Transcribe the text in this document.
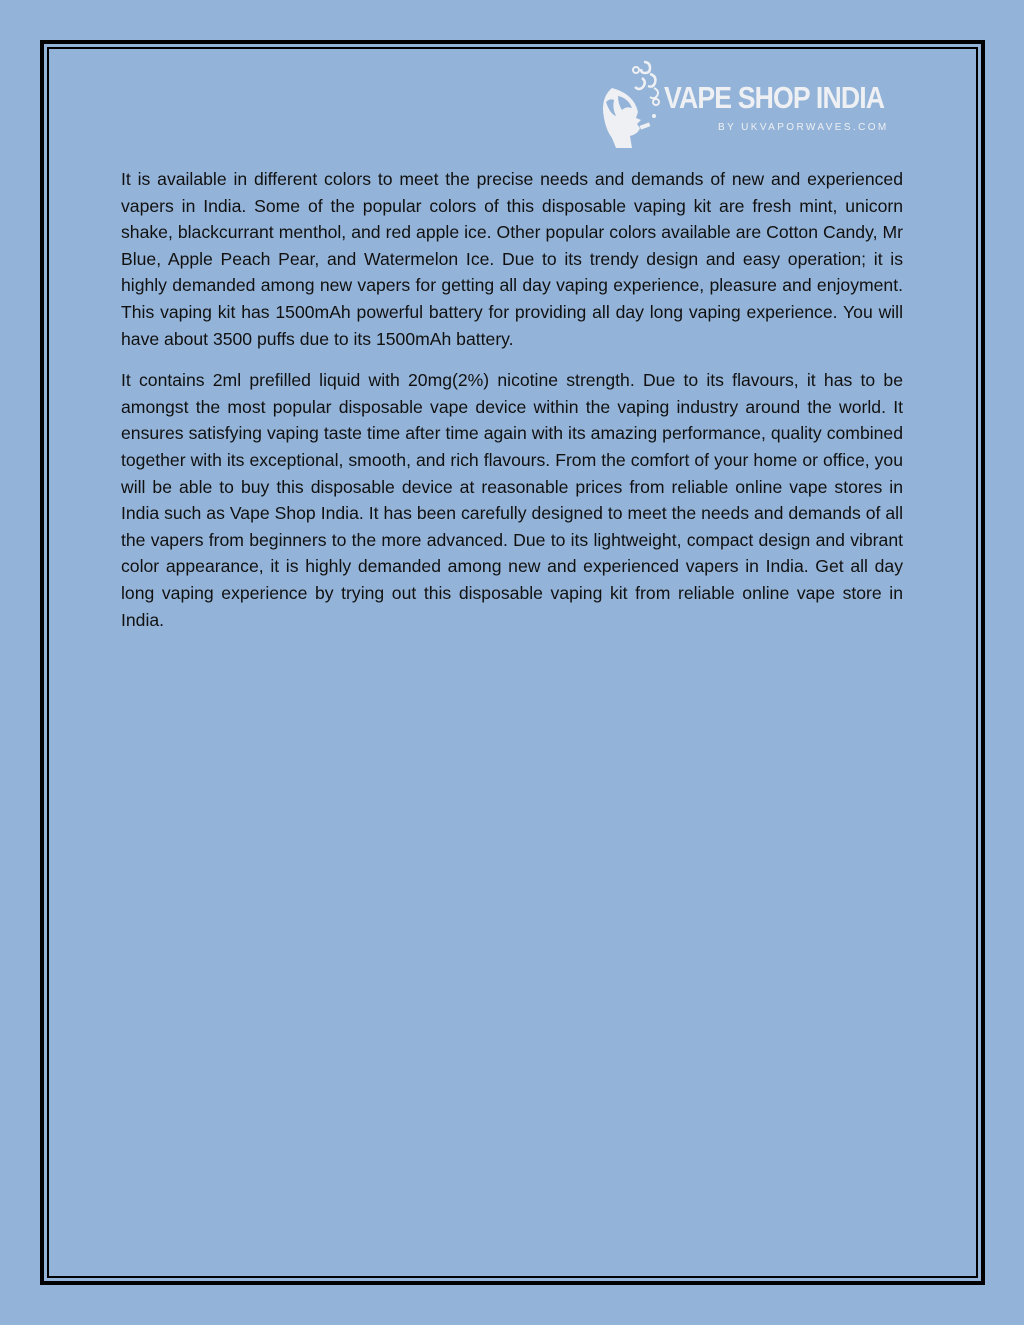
VAPE SHOP INDIA
BY UKVAPORWAVES.COM

It is available in different colors to meet the precise needs and demands of new and experienced vapers in India. Some of the popular colors of this disposable vaping kit are fresh mint, unicorn shake, blackcurrant menthol, and red apple ice. Other popular colors available are Cotton Candy, Mr Blue, Apple Peach Pear, and Watermelon Ice. Due to its trendy design and easy operation; it is highly demanded among new vapers for getting all day vaping experience, pleasure and enjoyment. This vaping kit has 1500mAh powerful battery for providing all day long vaping experience. You will have about 3500 puffs due to its 1500mAh battery.

It contains 2ml prefilled liquid with 20mg(2%) nicotine strength. Due to its flavours, it has to be amongst the most popular disposable vape device within the vaping industry around the world. It ensures satisfying vaping taste time after time again with its amazing performance, quality combined together with its exceptional, smooth, and rich flavours. From the comfort of your home or office, you will be able to buy this disposable device at reasonable prices from reliable online vape stores in India such as Vape Shop India. It has been carefully designed to meet the needs and demands of all the vapers from beginners to the more advanced. Due to its lightweight, compact design and vibrant color appearance, it is highly demanded among new and experienced vapers in India. Get all day long vaping experience by trying out this disposable vaping kit from reliable online vape store in India.
